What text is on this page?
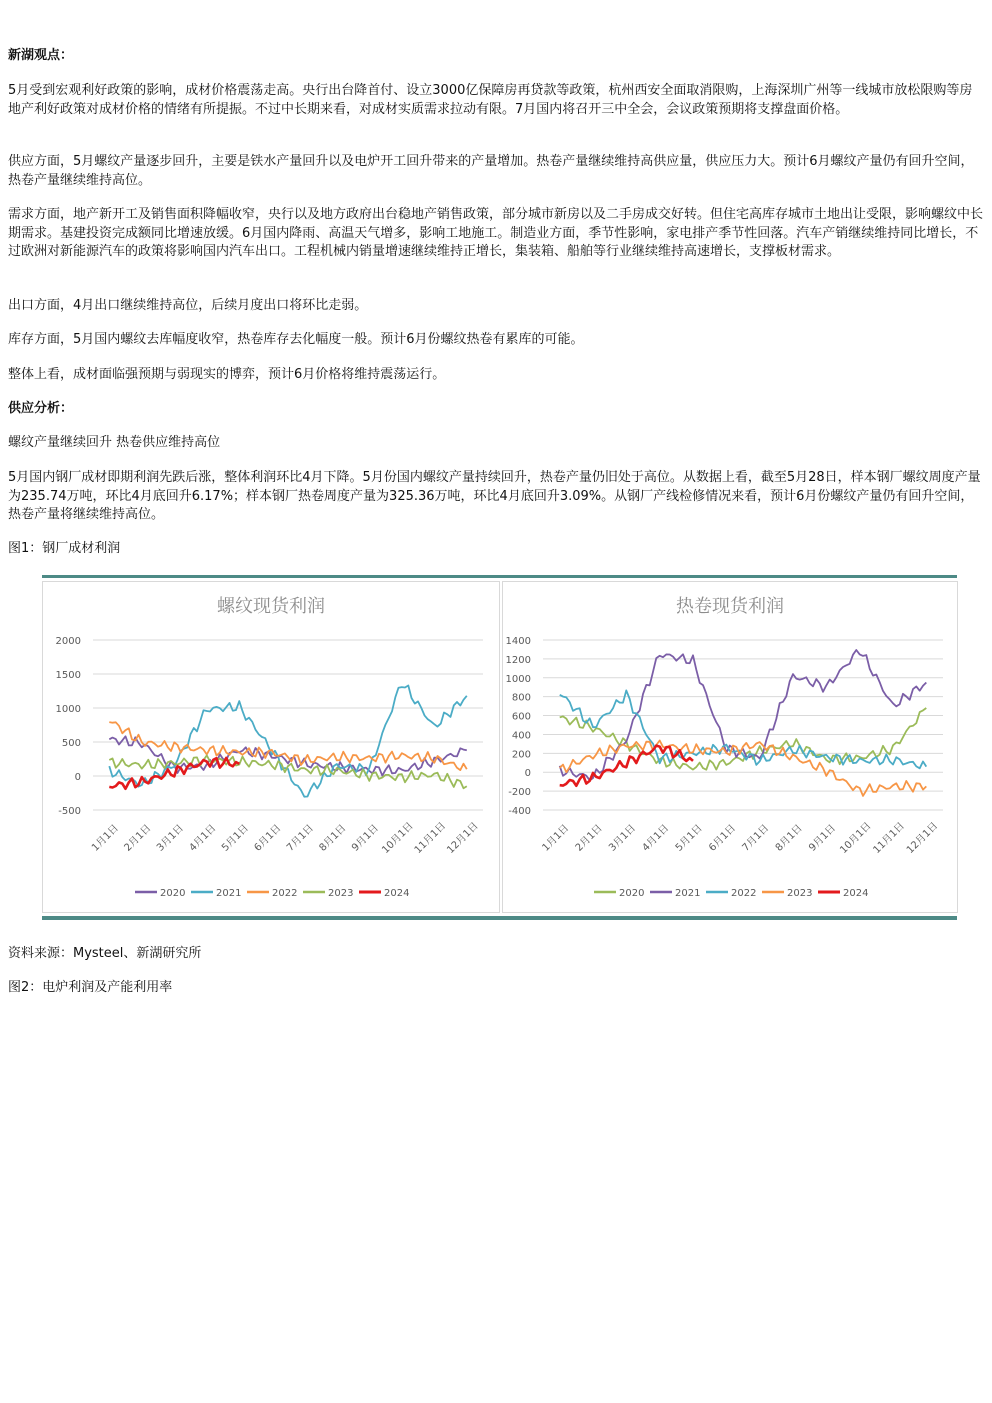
新湖观点：

5月受到宏观利好政策的影响，成材价格震荡走高。央行出台降首付、设立3000亿保障房再贷款等政策，杭州西安全面取消限购，上海深圳广州等一线城市放松限购等房地产利好政策对成材价格的情绪有所提振。不过中长期来看，对成材实质需求拉动有限。7月国内将召开三中全会，会议政策预期将支撑盘面价格。

供应方面，5月螺纹产量逐步回升，主要是铁水产量回升以及电炉开工回升带来的产量增加。热卷产量继续维持高供应量，供应压力大。预计6月螺纹产量仍有回升空间，热卷产量继续维持高位。

需求方面，地产新开工及销售面积降幅收窄，央行以及地方政府出台稳地产销售政策，部分城市新房以及二手房成交好转。但住宅高库存城市土地出让受限，影响螺纹中长期需求。基建投资完成额同比增速放缓。6月国内降雨、高温天气增多，影响工地施工。制造业方面，季节性影响，家电排产季节性回落。汽车产销继续维持同比增长，不过欧洲对新能源汽车的政策将影响国内汽车出口。工程机械内销量增速继续维持正增长，集装箱、船舶等行业继续维持高速增长，支撑板材需求。

出口方面，4月出口继续维持高位，后续月度出口将环比走弱。

库存方面，5月国内螺纹去库幅度收窄，热卷库存去化幅度一般。预计6月份螺纹热卷有累库的可能。

整体上看，成材面临强预期与弱现实的博弈，预计6月价格将维持震荡运行。

供应分析：

螺纹产量继续回升 热卷供应维持高位

5月国内钢厂成材即期利润先跌后涨，整体利润环比4月下降。5月份国内螺纹产量持续回升，热卷产量仍旧处于高位。从数据上看，截至5月28日，样本钢厂螺纹周度产量为235.74万吨，环比4月底回升6.17%；样本钢厂热卷周度产量为325.36万吨，环比4月底回升3.09%。从钢厂产线检修情况来看，预计6月份螺纹产量仍有回升空间，热卷产量将继续维持高位。

图1：钢厂成材利润

资料来源：Mysteel、新湖研究所

图2：电炉利润及产能利用率

螺纹现货利润
2000
1500
1000
500
0
-500
1月1日 2月1日 3月1日 4月1日 5月1日 6月1日 7月1日 8月1日 9月1日 10月1日
11月1日
12月1日
2020	2021	2022	2023	2024
热卷现货利润
1400
1200
1000
800
600
400
200
0
-200
-400
1月1日 2月1日 3月1日 4月1日 5月1日 6月1日 7月1日 8月1日 9月1日 10月1日
11月1日
12月1日
2020	2021	2022	2023	2024
